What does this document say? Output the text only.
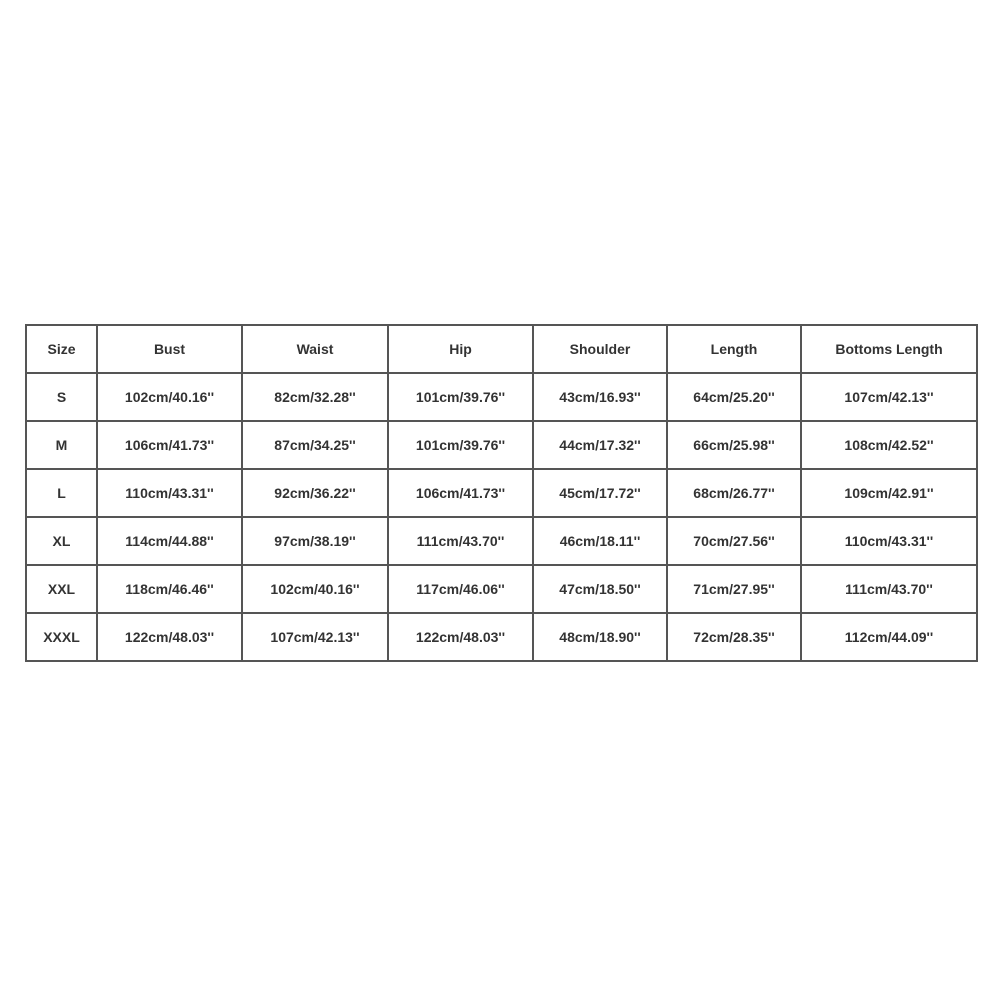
Size	Bust	Waist	Hip	Shoulder	Length	Bottoms Length
S	102cm/40.16''	82cm/32.28''	101cm/39.76''	43cm/16.93''	64cm/25.20''	107cm/42.13''
M	106cm/41.73''	87cm/34.25''	101cm/39.76''	44cm/17.32''	66cm/25.98''	108cm/42.52''
L	110cm/43.31''	92cm/36.22''	106cm/41.73''	45cm/17.72''	68cm/26.77''	109cm/42.91''
XL	114cm/44.88''	97cm/38.19''	111cm/43.70''	46cm/18.11''	70cm/27.56''	110cm/43.31''
XXL	118cm/46.46''	102cm/40.16''	117cm/46.06''	47cm/18.50''	71cm/27.95''	111cm/43.70''
XXXL	122cm/48.03''	107cm/42.13''	122cm/48.03''	48cm/18.90''	72cm/28.35''	112cm/44.09''
